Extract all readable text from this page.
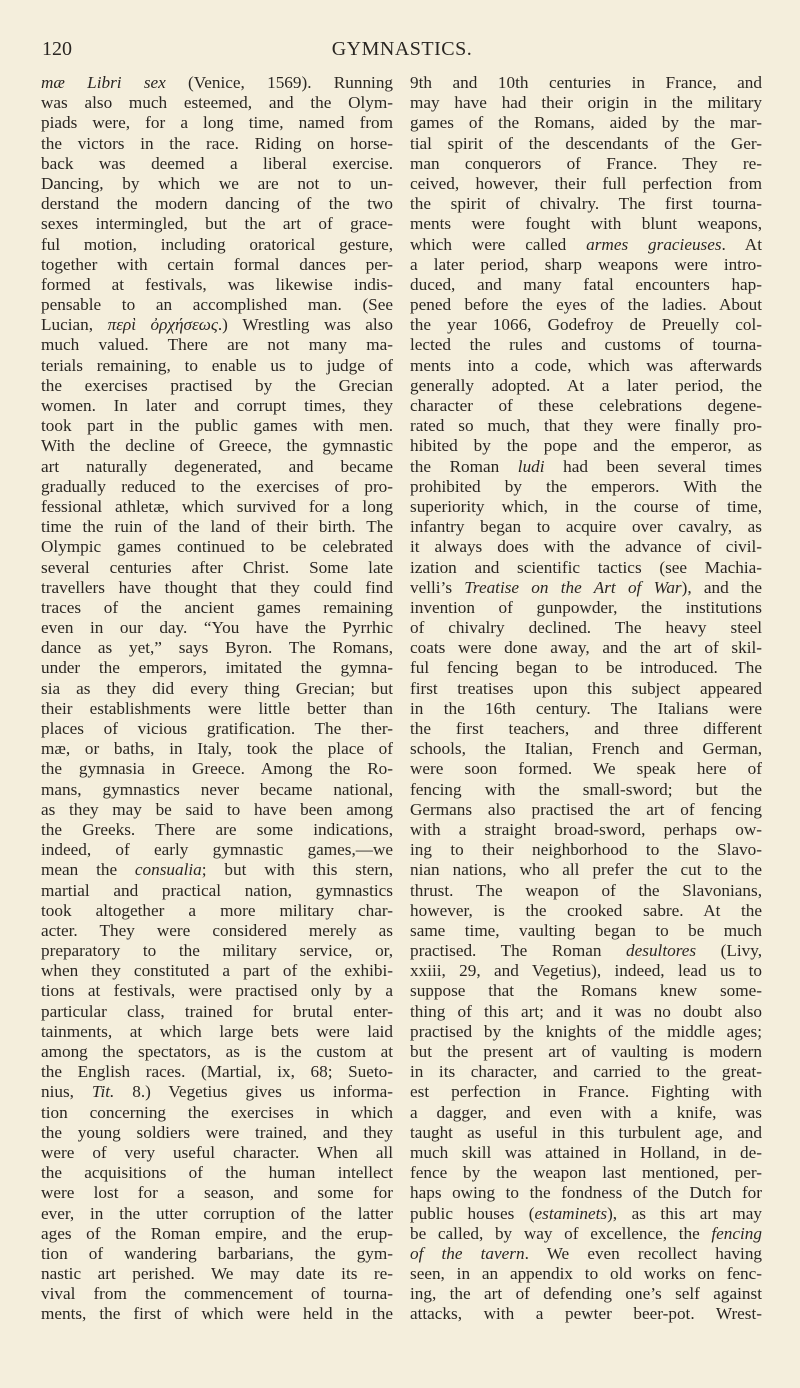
120	GYMNASTICS.
mæ Libri sex (Venice, 1569). Running
was also much esteemed, and the Olym-
piads were, for a long time, named from
the victors in the race. Riding on horse-
back was deemed a liberal exercise.
Dancing, by which we are not to un-
derstand the modern dancing of the two
sexes intermingled, but the art of grace-
ful motion, including oratorical gesture,
together with certain formal dances per-
formed at festivals, was likewise indis-
pensable to an accomplished man. (See
Lucian, περὶ ὀρχήσεως.) Wrestling was also
much valued. There are not many ma-
terials remaining, to enable us to judge of
the exercises practised by the Grecian
women. In later and corrupt times, they
took part in the public games with men.
With the decline of Greece, the gymnastic
art naturally degenerated, and became
gradually reduced to the exercises of pro-
fessional athletæ, which survived for a long
time the ruin of the land of their birth. The
Olympic games continued to be celebrated
several centuries after Christ. Some late
travellers have thought that they could find
traces of the ancient games remaining
even in our day. “You have the Pyrrhic
dance as yet,” says Byron. The Romans,
under the emperors, imitated the gymna-
sia as they did every thing Grecian; but
their establishments were little better than
places of vicious gratification. The ther-
mæ, or baths, in Italy, took the place of
the gymnasia in Greece. Among the Ro-
mans, gymnastics never became national,
as they may be said to have been among
the Greeks. There are some indications,
indeed, of early gymnastic games,—we
mean the consualia; but with this stern,
martial and practical nation, gymnastics
took altogether a more military char-
acter. They were considered merely as
preparatory to the military service, or,
when they constituted a part of the exhibi-
tions at festivals, were practised only by a
particular class, trained for brutal enter-
tainments, at which large bets were laid
among the spectators, as is the custom at
the English races. (Martial, ix, 68; Sueto-
nius, Tit. 8.) Vegetius gives us informa-
tion concerning the exercises in which
the young soldiers were trained, and they
were of very useful character. When all
the acquisitions of the human intellect
were lost for a season, and some for
ever, in the utter corruption of the latter
ages of the Roman empire, and the erup-
tion of wandering barbarians, the gym-
nastic art perished. We may date its re-
vival from the commencement of tourna-
ments, the first of which were held in the
9th and 10th centuries in France, and
may have had their origin in the military
games of the Romans, aided by the mar-
tial spirit of the descendants of the Ger-
man conquerors of France. They re-
ceived, however, their full perfection from
the spirit of chivalry. The first tourna-
ments were fought with blunt weapons,
which were called armes gracieuses. At
a later period, sharp weapons were intro-
duced, and many fatal encounters hap-
pened before the eyes of the ladies. About
the year 1066, Godefroy de Preuelly col-
lected the rules and customs of tourna-
ments into a code, which was afterwards
generally adopted. At a later period, the
character of these celebrations degene-
rated so much, that they were finally pro-
hibited by the pope and the emperor, as
the Roman ludi had been several times
prohibited by the emperors. With the
superiority which, in the course of time,
infantry began to acquire over cavalry, as
it always does with the advance of civil-
ization and scientific tactics (see Machia-
velli’s Treatise on the Art of War), and the
invention of gunpowder, the institutions
of chivalry declined. The heavy steel
coats were done away, and the art of skil-
ful fencing began to be introduced. The
first treatises upon this subject appeared
in the 16th century. The Italians were
the first teachers, and three different
schools, the Italian, French and German,
were soon formed. We speak here of
fencing with the small-sword; but the
Germans also practised the art of fencing
with a straight broad-sword, perhaps ow-
ing to their neighborhood to the Slavo-
nian nations, who all prefer the cut to the
thrust. The weapon of the Slavonians,
however, is the crooked sabre. At the
same time, vaulting began to be much
practised. The Roman desultores (Livy,
xxiii, 29, and Vegetius), indeed, lead us to
suppose that the Romans knew some-
thing of this art; and it was no doubt also
practised by the knights of the middle ages;
but the present art of vaulting is modern
in its character, and carried to the great-
est perfection in France. Fighting with
a dagger, and even with a knife, was
taught as useful in this turbulent age, and
much skill was attained in Holland, in de-
fence by the weapon last mentioned, per-
haps owing to the fondness of the Dutch for
public houses (estaminets), as this art may
be called, by way of excellence, the fencing
of the tavern. We even recollect having
seen, in an appendix to old works on fenc-
ing, the art of defending one’s self against
attacks, with a pewter beer-pot. Wrest-
